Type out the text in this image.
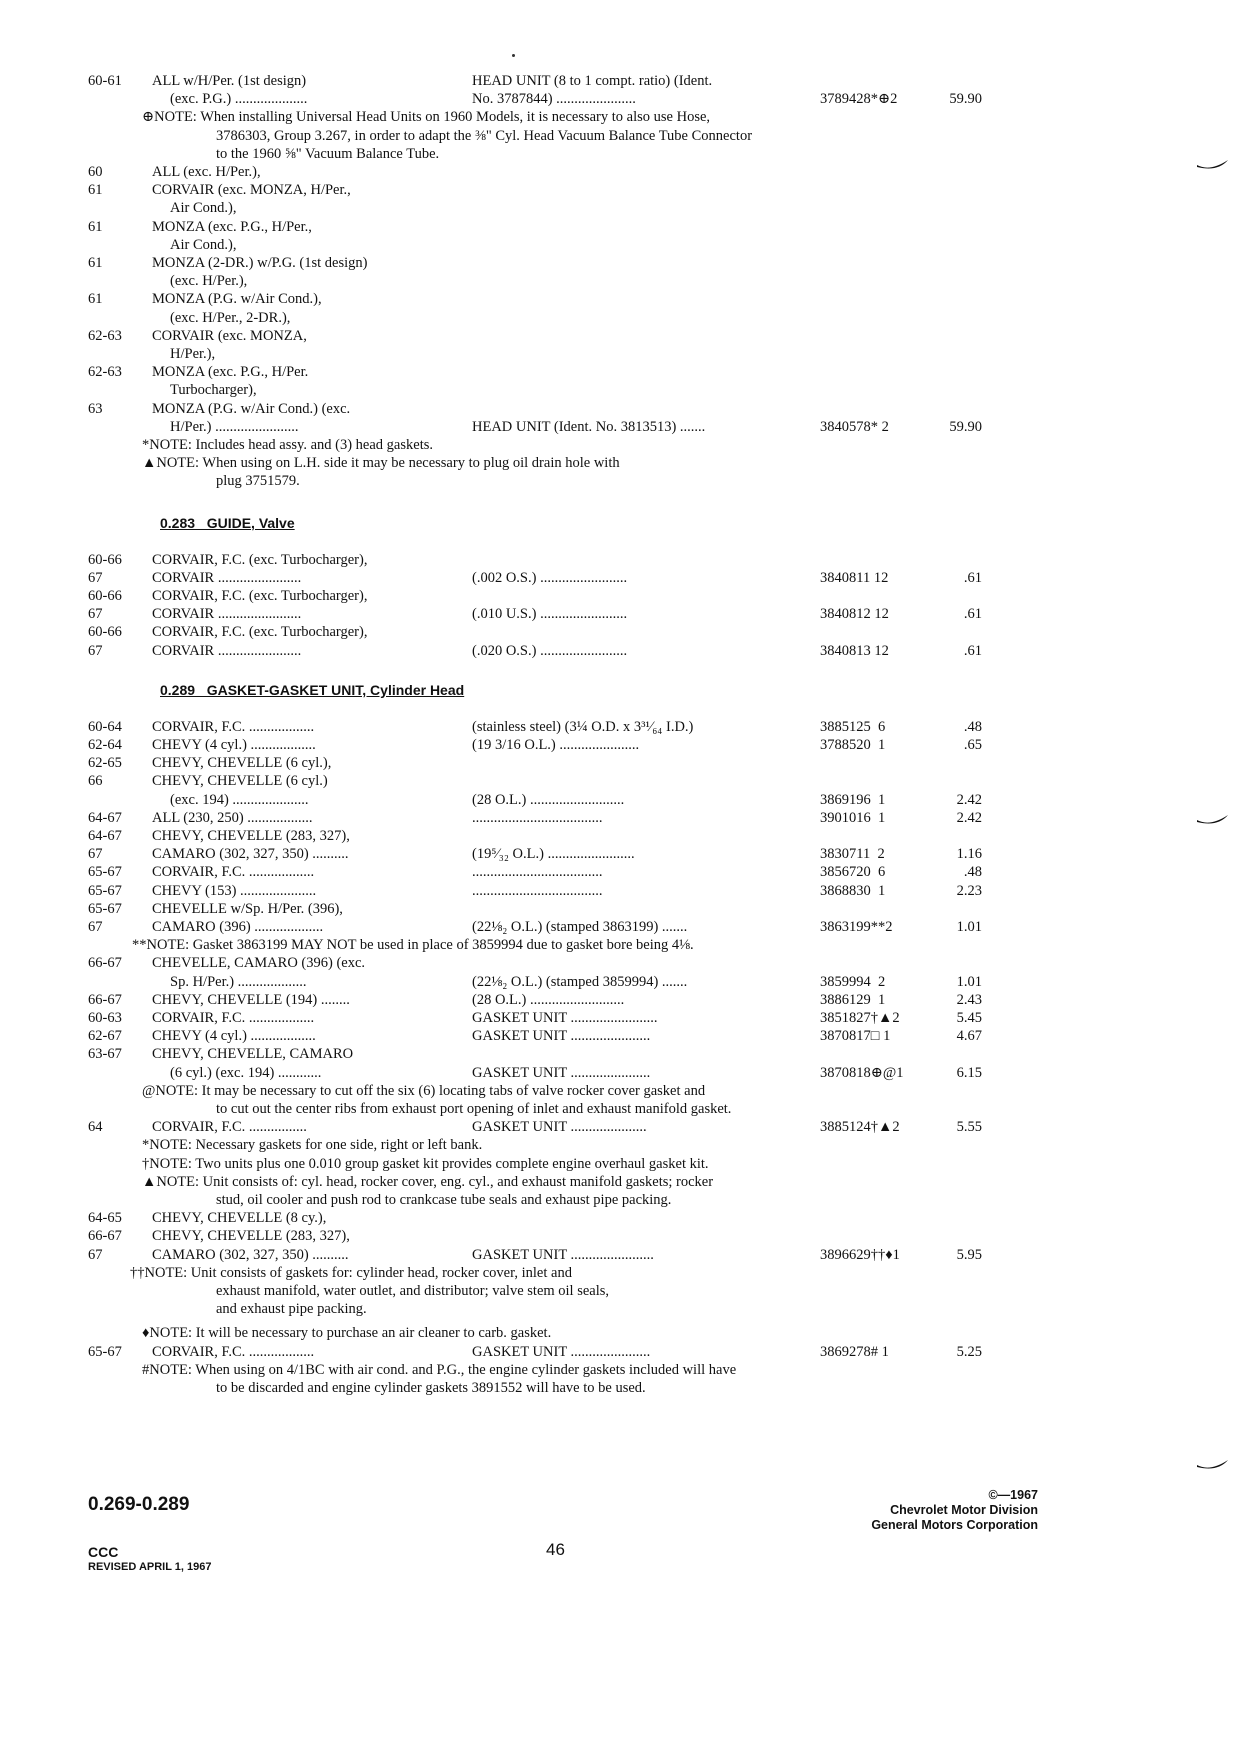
60-61 ALL w/H/Per. (1st design)	HEAD UNIT (8 to 1 compt. ratio) (Ident.
(exc. P.G.) ....................	No. 3787844) ......................	3789428*⊕2	59.90
⊕NOTE: When installing Universal Head Units on 1960 Models, it is necessary to also use Hose,
3786303, Group 3.267, in order to adapt the ⅜" Cyl. Head Vacuum Balance Tube Connector
to the 1960 ⅝" Vacuum Balance Tube.
60	ALL (exc. H/Per.),
61	CORVAIR (exc. MONZA, H/Per.,
Air Cond.),
61	MONZA (exc. P.G., H/Per.,
Air Cond.),
61	MONZA (2-DR.) w/P.G. (1st design)
(exc. H/Per.),
61	MONZA (P.G. w/Air Cond.),
(exc. H/Per., 2-DR.),
62-63 CORVAIR (exc. MONZA,
H/Per.),
62-63 MONZA (exc. P.G., H/Per.
Turbocharger),
63	MONZA (P.G. w/Air Cond.) (exc.
H/Per.) .......................	HEAD UNIT (Ident. No. 3813513) .......	3840578* 2	59.90
*NOTE: Includes head assy. and (3) head gaskets.
▲NOTE: When using on L.H. side it may be necessary to plug oil drain hole with
plug 3751579.
0.283   GUIDE, Valve
60-66 CORVAIR, F.C. (exc. Turbocharger),
67	CORVAIR .......................	(.002 O.S.) ........................	3840811 12	.61
60-66 CORVAIR, F.C. (exc. Turbocharger),
67	CORVAIR .......................	(.010 U.S.) ........................	3840812 12	.61
60-66 CORVAIR, F.C. (exc. Turbocharger),
67	CORVAIR .......................	(.020 O.S.) ........................	3840813 12	.61
0.289   GASKET-GASKET UNIT, Cylinder Head
60-64 CORVAIR, F.C. ..................	(stainless steel) (3¼ O.D. x 3³¹⁄₆₄ I.D.)	3885125  6	.48
62-64 CHEVY (4 cyl.) ..................	(19 3/16 O.L.) ......................	3788520  1	.65
62-65 CHEVY, CHEVELLE (6 cyl.),
66	CHEVY, CHEVELLE (6 cyl.)
(exc. 194) .....................	(28 O.L.) ..........................	3869196  1	2.42
64-67 ALL (230, 250) ..................	....................................	3901016  1	2.42
64-67 CHEVY, CHEVELLE (283, 327),
67	CAMARO (302, 327, 350) ..........	(19⁵⁄₃₂ O.L.) ........................	3830711  2	1.16
65-67 CORVAIR, F.C. ..................	....................................	3856720  6	.48
65-67 CHEVY (153) .....................	....................................	3868830  1	2.23
65-67 CHEVELLE w/Sp. H/Per. (396),
67	CAMARO (396) ...................	(22⅛₂ O.L.) (stamped 3863199) .......	3863199**2	1.01
**NOTE: Gasket 3863199 MAY NOT be used in place of 3859994 due to gasket bore being 4⅛.
66-67 CHEVELLE, CAMARO (396) (exc.
Sp. H/Per.) ...................	(22⅛₂ O.L.) (stamped 3859994) .......	3859994  2	1.01
66-67 CHEVY, CHEVELLE (194) ........	(28 O.L.) ..........................	3886129  1	2.43
60-63 CORVAIR, F.C. ..................	GASKET UNIT ........................	3851827†▲2	5.45
62-67 CHEVY (4 cyl.) ..................	GASKET UNIT ......................	3870817□ 1	4.67
63-67 CHEVY, CHEVELLE, CAMARO
(6 cyl.) (exc. 194) ............	GASKET UNIT ......................	3870818⊕@1	6.15
@NOTE: It may be necessary to cut off the six (6) locating tabs of valve rocker cover gasket and
to cut out the center ribs from exhaust port opening of inlet and exhaust manifold gasket.
64	CORVAIR, F.C. ................	GASKET UNIT .....................	3885124†▲2	5.55
*NOTE: Necessary gaskets for one side, right or left bank.
†NOTE: Two units plus one 0.010 group gasket kit provides complete engine overhaul gasket kit.
▲NOTE: Unit consists of: cyl. head, rocker cover, eng. cyl., and exhaust manifold gaskets; rocker
stud, oil cooler and push rod to crankcase tube seals and exhaust pipe packing.
64-65 CHEVY, CHEVELLE (8 cy.),
66-67 CHEVY, CHEVELLE (283, 327),
67	CAMARO (302, 327, 350) ..........	GASKET UNIT .......................	3896629††♦1	5.95
††NOTE: Unit consists of gaskets for: cylinder head, rocker cover, inlet and
exhaust manifold, water outlet, and distributor; valve stem oil seals,
and exhaust pipe packing.
♦NOTE: It will be necessary to purchase an air cleaner to carb. gasket.
65-67 CORVAIR, F.C. ..................	GASKET UNIT ......................	3869278# 1	5.25
#NOTE: When using on 4/1BC with air cond. and P.G., the engine cylinder gaskets included will have
to be discarded and engine cylinder gaskets 3891552 will have to be used.
0.269-0.289
CCC
REVISED APRIL 1, 1967
46
©—1967
Chevrolet Motor Division
General Motors Corporation
